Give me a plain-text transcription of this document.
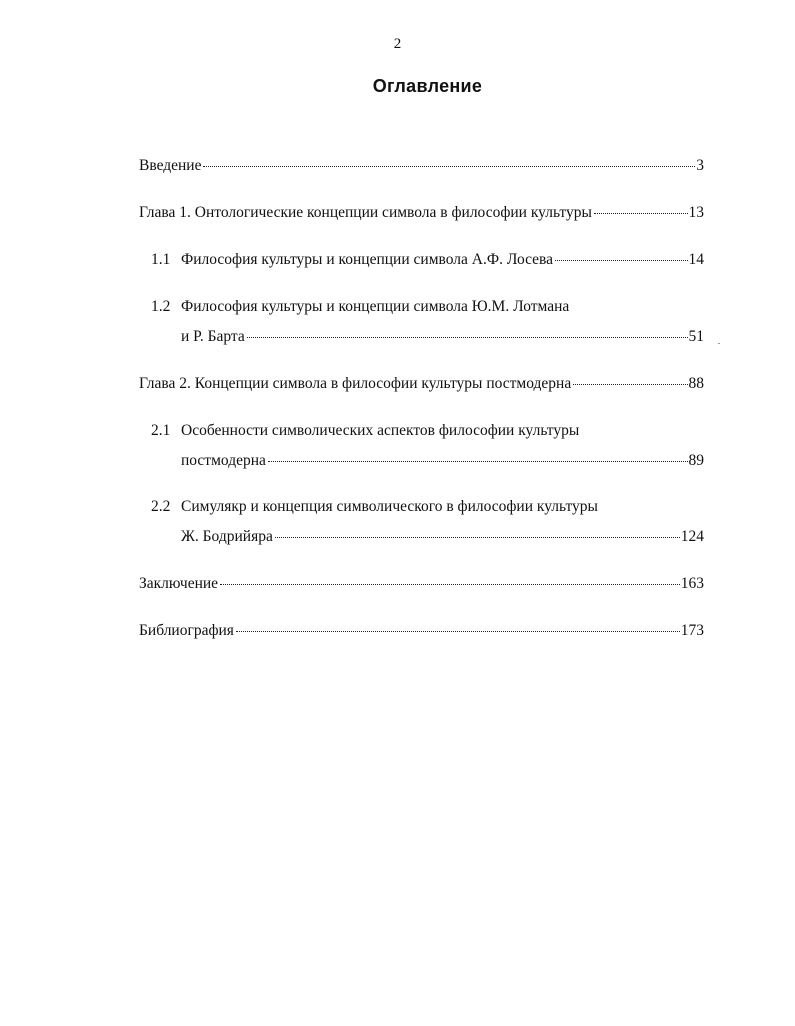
2
Оглавление
Введение	3
Глава 1. Онтологические концепции символа в философии культуры	13
1.1 Философия культуры и концепции символа А.Ф. Лосева	14
1.2 Философия культуры и концепции символа Ю.М. Лотмана
и Р. Барта	51
Глава 2. Концепции символа в философии культуры постмодерна	88
2.1 Особенности символических аспектов философии культуры
постмодерна	89
2.2 Симулякр и концепция символического в философии культуры
Ж. Бодрийяра	124
Заключение	163
Библиография	173
